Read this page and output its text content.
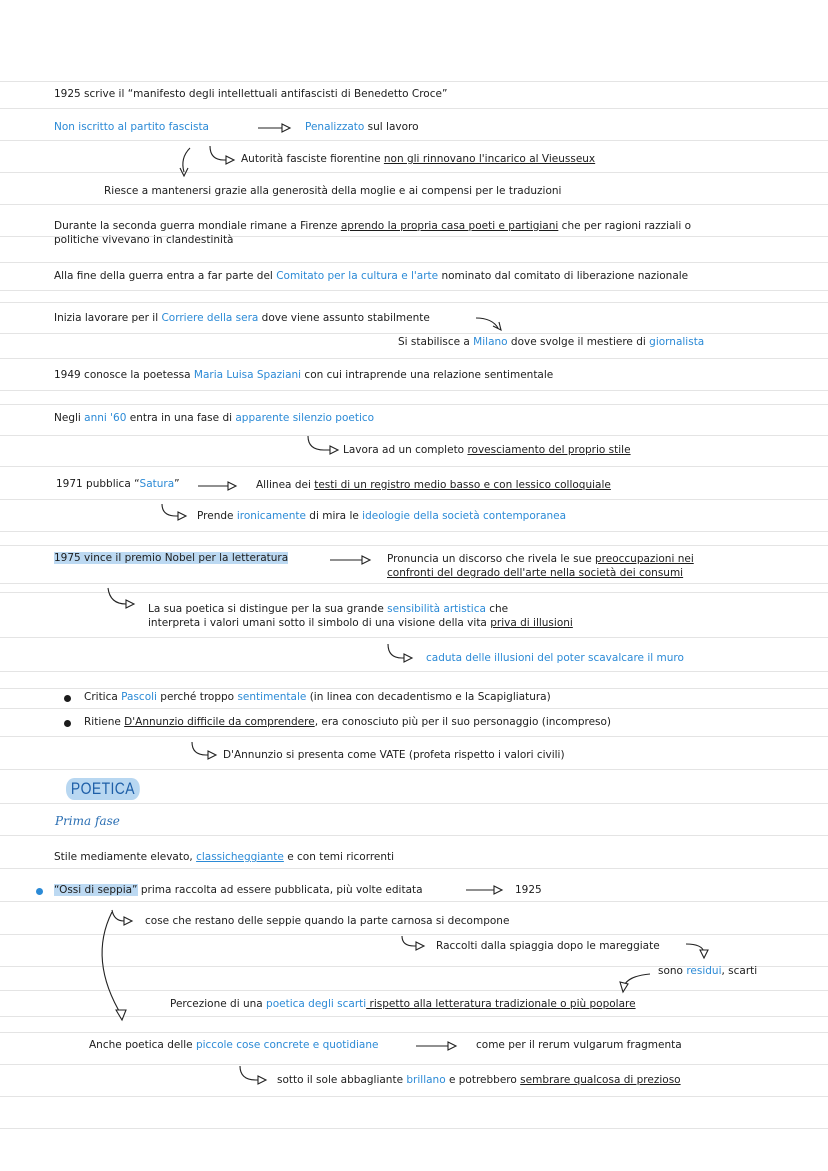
1925 scrive il “manifesto degli intellettuali antifascisti di Benedetto Croce”
Non iscritto al partito fascista	Penalizzato sul lavoro
Autorità fasciste fiorentine non gli rinnovano l'incarico al Vieusseux
Riesce a mantenersi grazie alla generosità della moglie e ai compensi per le traduzioni
Durante la seconda guerra mondiale rimane a Firenze aprendo la propria casa poeti e partigiani che per ragioni razziali o
politiche vivevano in clandestinità
Alla fine della guerra entra a far parte del Comitato per la cultura e l'arte nominato dal comitato di liberazione nazionale
Inizia lavorare per il Corriere della sera dove viene assunto stabilmente
Si stabilisce a Milano dove svolge il mestiere di giornalista
1949 conosce la poetessa Maria Luisa Spaziani con cui intraprende una relazione sentimentale
Negli anni '60 entra in una fase di apparente silenzio poetico
Lavora ad un completo rovesciamento del proprio stile
1971 pubblica “Satura”	Allinea dei testi di un registro medio basso e con lessico colloquiale
Prende ironicamente di mira le ideologie della società contemporanea
1975 vince il premio Nobel per la letteratura	Pronuncia un discorso che rivela le sue preoccupazioni nei
confronti del degrado dell'arte nella società dei consumi
La sua poetica si distingue per la sua grande sensibilità artistica che
interpreta i valori umani sotto il simbolo di una visione della vita priva di illusioni
caduta delle illusioni del poter scavalcare il muro
Critica Pascoli perché troppo sentimentale (in linea con decadentismo e la Scapigliatura)
Ritiene D'Annunzio difficile da comprendere, era conosciuto più per il suo personaggio (incompreso)
D'Annunzio si presenta come VATE (profeta rispetto i valori civili)
POETICA
Prima fase
Stile mediamente elevato, classicheggiante e con temi ricorrenti
“Ossi di seppia” prima raccolta ad essere pubblicata, più volte editata	1925
cose che restano delle seppie quando la parte carnosa si decompone
Raccolti dalla spiaggia dopo le mareggiate
sono residui, scarti
Percezione di una poetica degli scarti rispetto alla letteratura tradizionale o più popolare
Anche poetica delle piccole cose concrete e quotidiane	come per il rerum vulgarum fragmenta
sotto il sole abbagliante brillano e potrebbero sembrare qualcosa di prezioso
